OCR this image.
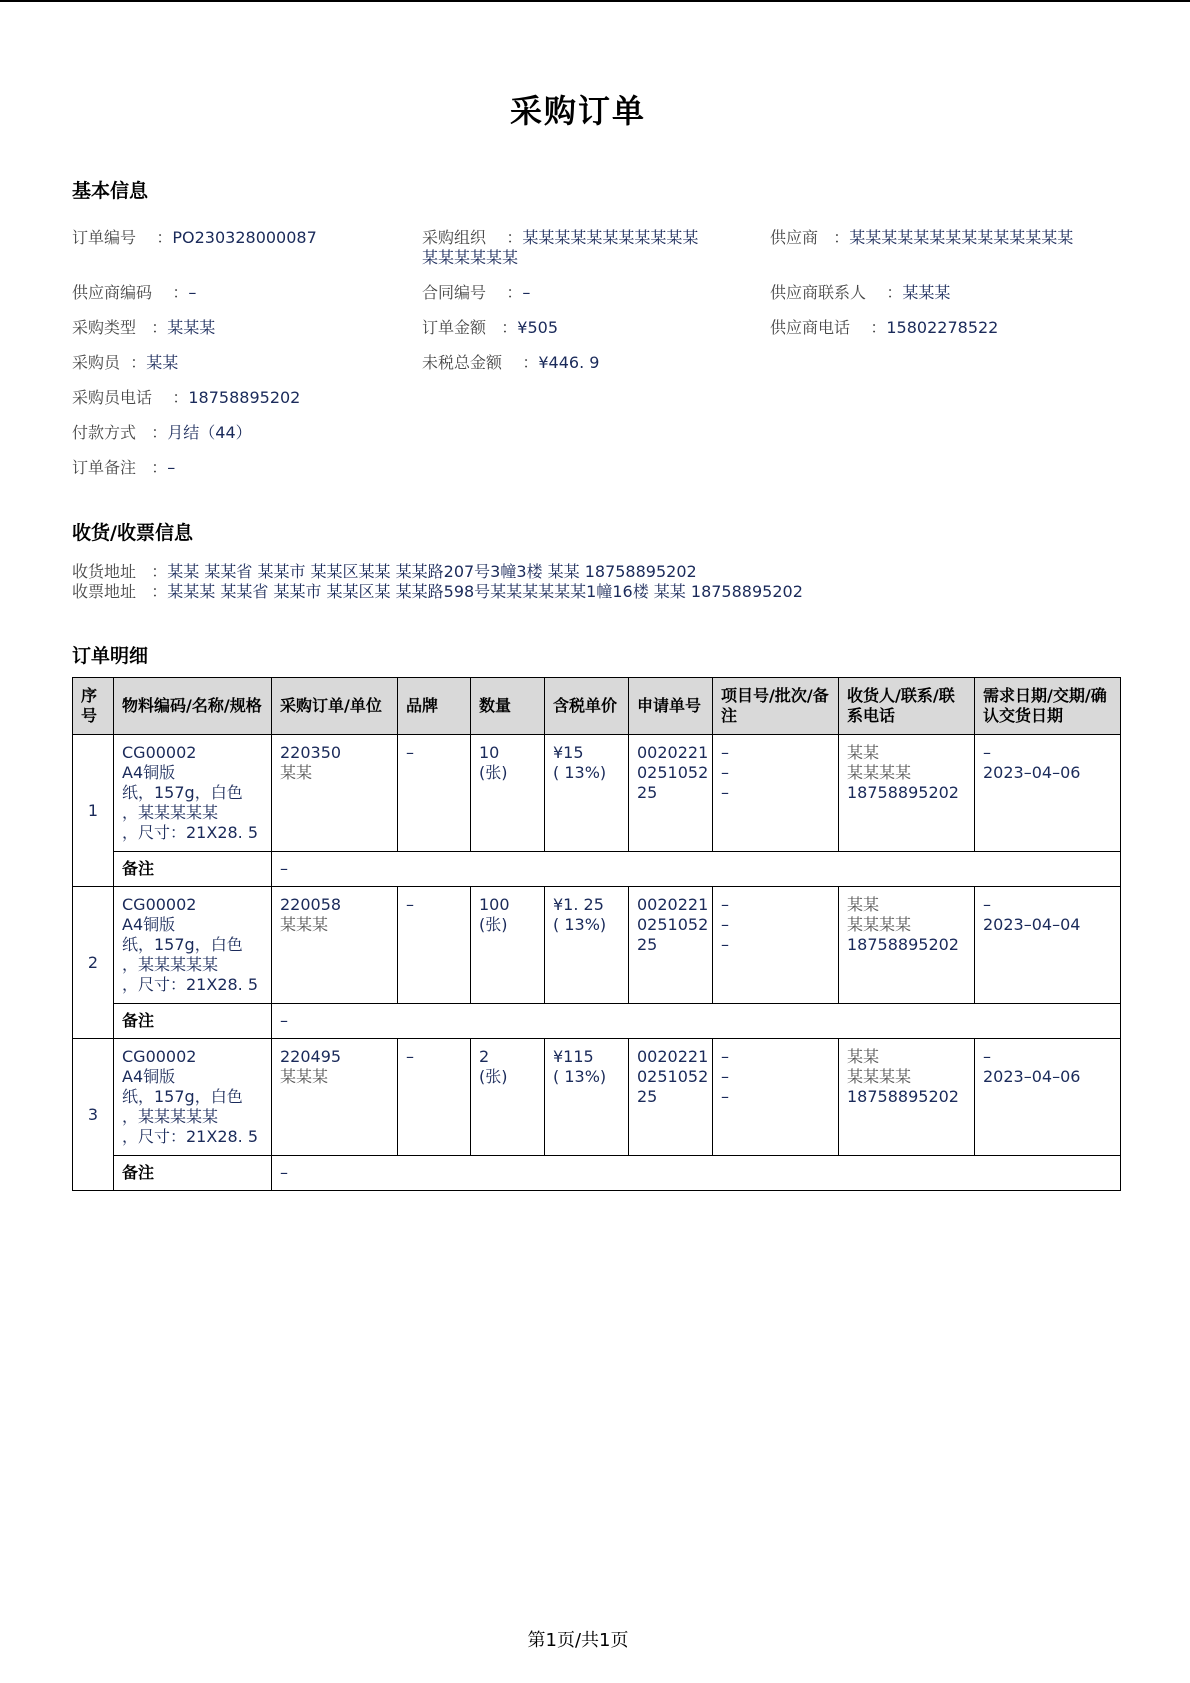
采购订单
基本信息
订单编号 ：PO230328000087	采购组织 ：某某某某某某某某某某某某某某某某某
供应商 ：某某某某某某某某某某某某某某
供应商编码 ：–	合同编号 ：–	供应商联系人 ：某某某
采购类型 ：某某某	订单金额 ：¥505	供应商电话 ：15802278522
采购员 ：某某	未税总金额 ：¥446. 9
采购员电话 ：18758895202
付款方式 ：月结（44）
订单备注 ：–
收货/收票信息
收货地址 ：某某 某某省 某某市 某某区某某 某某路207号3幢3楼 某某 18758895202
收票地址 ：某某某 某某省 某某市 某某区某 某某路598号某某某某某某1幢16楼 某某 18758895202
订单明细
序号	物料编码/名称/规格	采购订单/单位	品牌	数量	含税单价	申请单号	项目号/批次/备注	收货人/联系/联系电话	需求日期/交期/确认交货日期
1	CG00002
A4铜版
纸，157g，白色
，某某某某某
，尺寸：21X28. 5	220350
某某	–	10
(张)	¥15
( 13%)	0020221
0251052
25	–
–
–	某某
某某某某
18758895202	–
2023–04–06

	备注	–							
2	CG00002
A4铜版
纸，157g，白色
，某某某某某
，尺寸：21X28. 5	220058
某某某	–	100
(张)	¥1. 25
( 13%)	0020221
0251052
25	–
–
–	某某
某某某某
18758895202	–
2023–04–04

	备注	–							
3	CG00002
A4铜版
纸，157g，白色
，某某某某某
，尺寸：21X28. 5	220495
某某某	–	2
(张)	¥115
( 13%)	0020221
0251052
25	–
–
–	某某
某某某某
18758895202	–
2023–04–06

	备注	–							
第1页/共1页
